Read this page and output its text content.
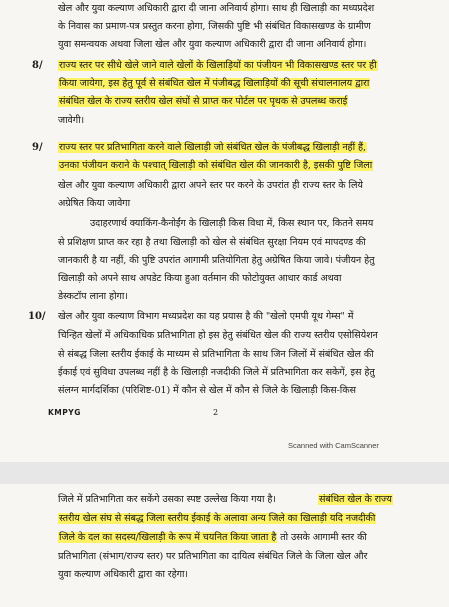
खेल और युवा कल्याण अधिकारी द्वारा दी जाना अनिवार्य होगा। साथ ही खिलाड़ी का मध्यप्रदेश
के निवास का प्रमाण-पत्र प्रस्तुत करना होगा, जिसकी पुष्टि भी संबंधित विकासखण्ड के ग्रामीण
युवा समन्वयक अथवा जिला खेल और युवा कल्याण अधिकारी द्वारा दी जाना अनिवार्य होगा।
राज्य स्तर पर सीधे खेले जाने वाले खेलों के खिलाड़ियों का पंजीयन भी विकासखण्ड स्तर पर ही
किया जायेगा, इस हेतु पूर्व से संबंधित खेल में पंजीबद्ध खिलाड़ियों की सूची संचालनालय द्वारा
संबंधित खेल के राज्य स्तरीय खेल संघों से प्राप्त कर पोर्टल पर पृथक से उपलब्ध कराई
जावेगी।
राज्य स्तर पर प्रतिभागिता करने वाले खिलाड़ी जो संबंधित खेल के पंजीबद्ध खिलाड़ी नहीं हैं,
उनका पंजीयन कराने के पश्चात् खिलाड़ी को संबंधित खेल की जानकारी है, इसकी पुष्टि जिला
खेल और युवा कल्याण अधिकारी द्वारा अपने स्तर पर करने के उपरांत ही राज्य स्तर के लिये
अग्रेषित किया जावेगा
उदाहरणार्थ क्याकिंग-कैनोईंग के खिलाड़ी किस विधा में, किस स्थान पर, कितने समय
से प्रशिक्षण प्राप्त कर रहा है तथा खिलाड़ी को खेल से संबंधित सुरक्षा नियम एवं मापदण्ड की
जानकारी है या नहीं, की पुष्टि उपरांत आगामी प्रतियोगिता हेतु अग्रेषित किया जावे। पंजीयन हेतु
खिलाड़ी को अपने साथ अपडेट किया हुआ वर्तमान की फोटोयुक्त आधार कार्ड अथवा
डेस्कटॉप लाना होगा।
खेल और युवा कल्याण विभाग मध्यप्रदेश का यह प्रयास है की "खेलो एमपी यूथ गेम्स" में
चिन्हित खेलों में अधिकाधिक प्रतिभागिता हो इस हेतु संबंधित खेल की राज्य स्तरीय एसोसियेशन
से संबद्ध जिला स्तरीय ईकाई के माध्यम से प्रतिभागिता के साथ जिन जिलों में संबंधित खेल की
ईकाई एवं सुविधा उपलब्ध नहीं है के खिलाड़ी नजदीकी जिले में प्रतिभागिता कर सकेगें, इस हेतु
संलग्न मार्गदर्शिका (परिशिष्ट-01) में कौन से खेल में कौन से जिले के खिलाड़ी किस-किस
8/
9/
10/
KMPYG	2
Scanned with CamScanner
जिले में प्रतिभागिता कर सकेंगे उसका स्पष्ट उल्लेख किया गया है।	संबंधित खेल के राज्य
स्तरीय खेल संघ से संबद्ध जिला स्तरीय ईकाई के अलावा अन्य जिले का खिलाड़ी यदि नजदीकी
जिले के दल का सदस्य/खिलाड़ी के रूप में चयनित किया जाता है तो उसके आगामी स्तर की
प्रतिभागिता (संभाग/राज्य स्तर) पर प्रतिभागिता का दायित्व संबंधित जिले के जिला खेल और
युवा कल्याण अधिकारी द्वारा का रहेगा।
